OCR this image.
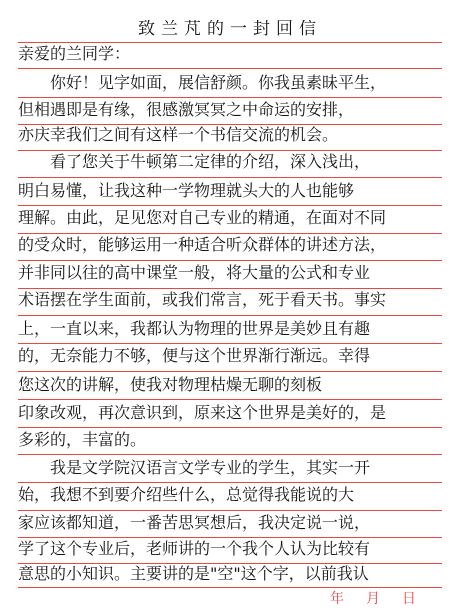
致兰芃的一封回信
亲爱的兰同学：
你好！见字如面，展信舒颜。你我虽素昧平生，
但相遇即是有缘，很感激冥冥之中命运的安排，
亦庆幸我们之间有这样一个书信交流的机会。
看了您关于牛顿第二定律的介绍，深入浅出，
明白易懂，让我这种一学物理就头大的人也能够
理解。由此，足见您对自己专业的精通，在面对不同
的受众时，能够运用一种适合听众群体的讲述方法，
并非同以往的高中课堂一般，将大量的公式和专业
术语摆在学生面前，或我们常言，死于看天书。事实
上，一直以来，我都认为物理的世界是美妙且有趣
的，无奈能力不够，便与这个世界渐行渐远。幸得
您这次的讲解，使我对物理枯燥无聊的刻板
印象改观，再次意识到，原来这个世界是美好的，是
多彩的，丰富的。
我是文学院汉语言文学专业的学生，其实一开
始，我想不到要介绍些什么，总觉得我能说的大
家应该都知道，一番苦思冥想后，我决定说一说，
学了这个专业后，老师讲的一个我个人认为比较有
意思的小知识。主要讲的是"空"这个字，以前我认
年 月 日
